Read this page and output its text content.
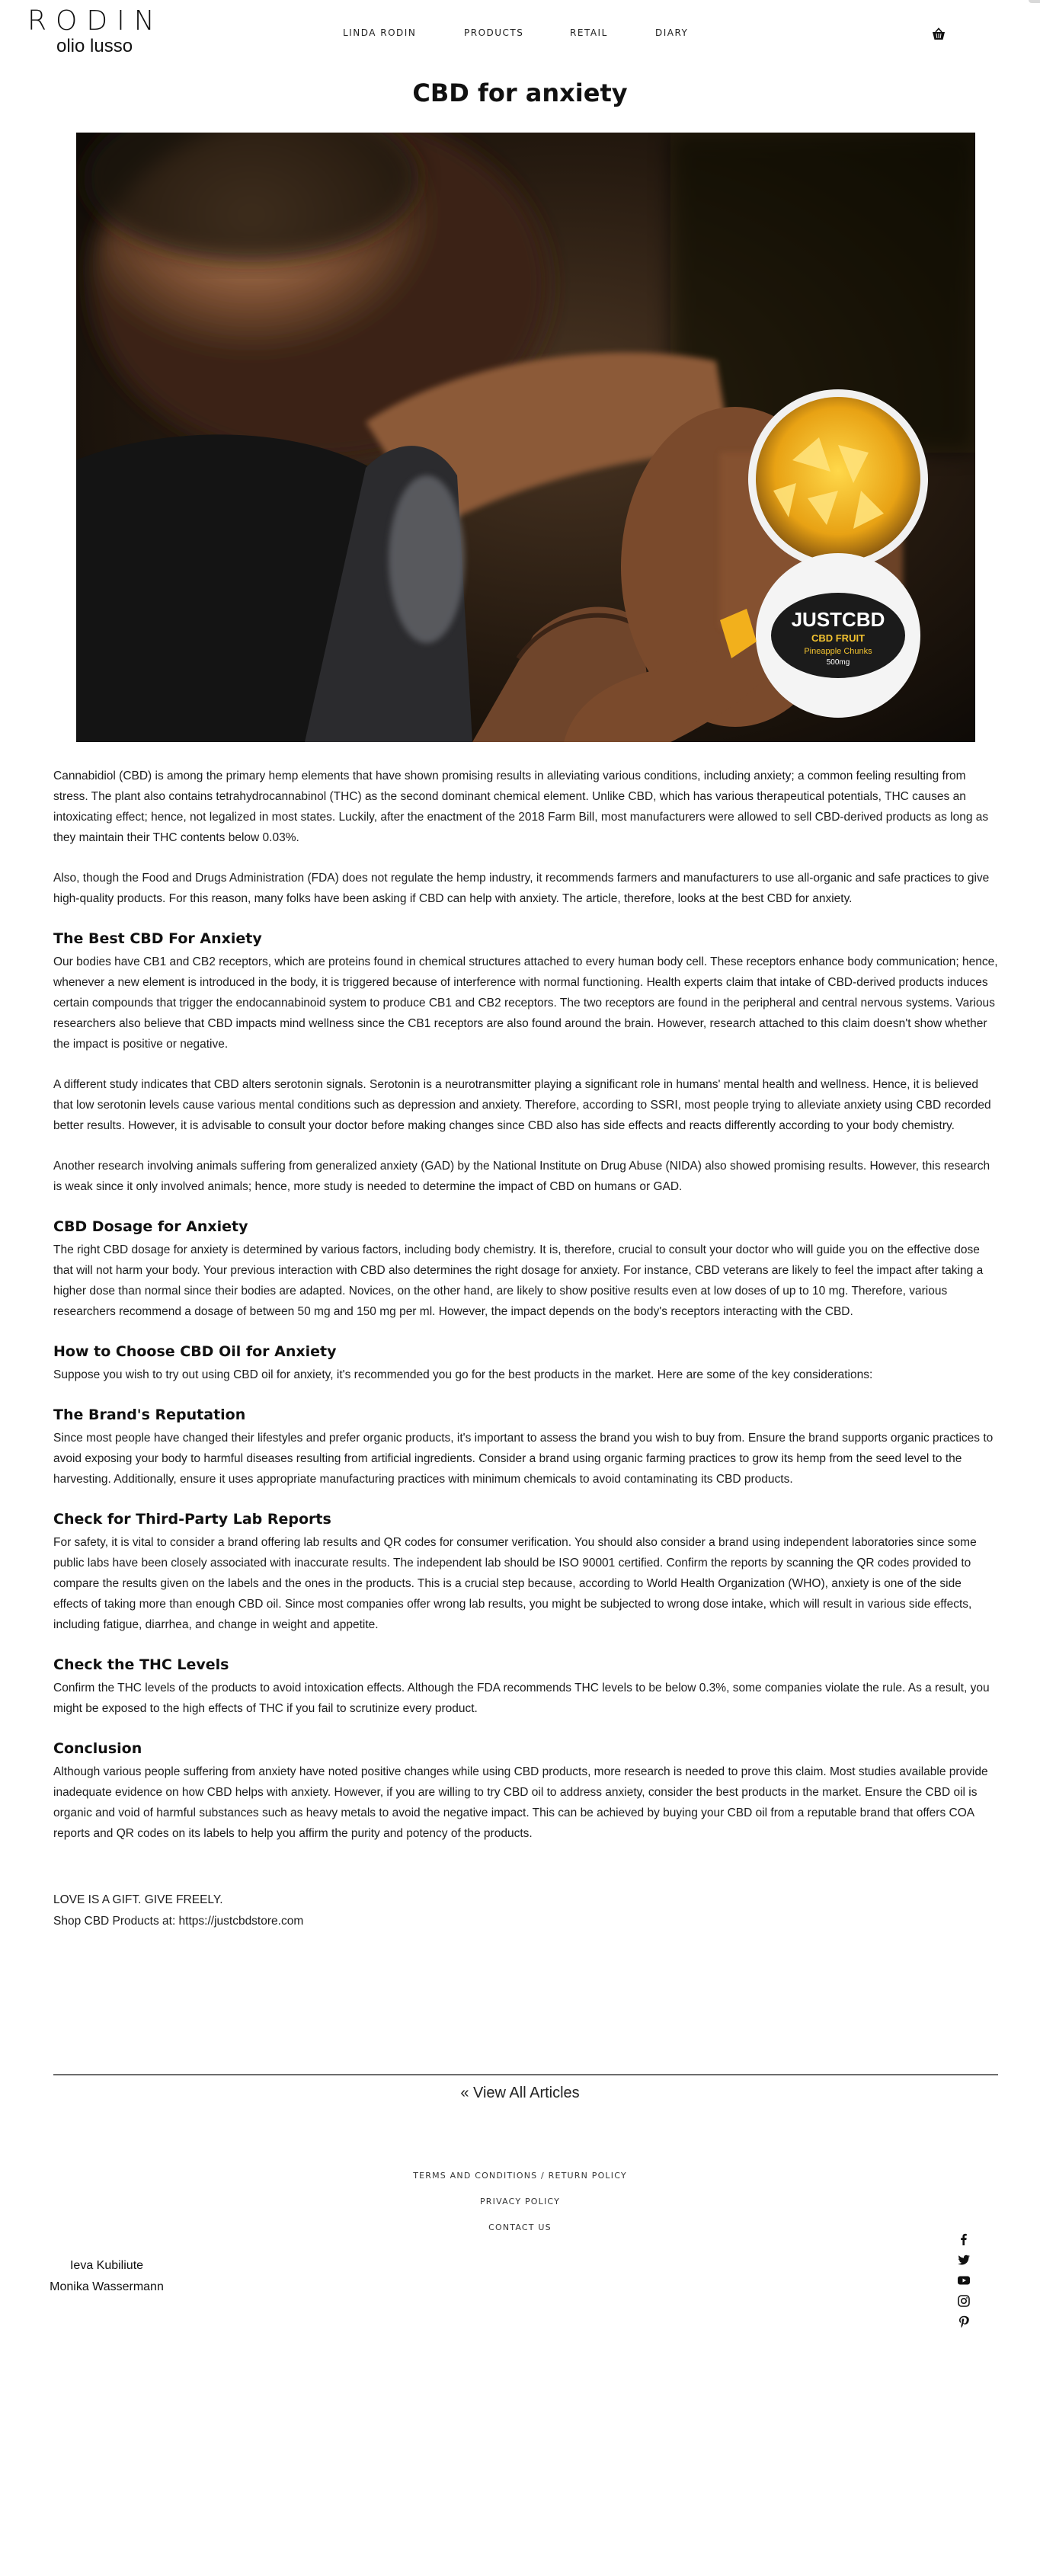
RODIN
olio lusso
LINDA RODIN	PRODUCTS	RETAIL	DIARY
CBD for anxiety
JUSTCBD
CBD FRUIT
Pineapple Chunks
500mg

Cannabidiol (CBD) is among the primary hemp elements that have shown promising results in alleviating various conditions, including anxiety; a common feeling resulting from stress. The plant also contains tetrahydrocannabinol (THC) as the second dominant chemical element. Unlike CBD, which has various therapeutical potentials, THC causes an intoxicating effect; hence, not legalized in most states. Luckily, after the enactment of the 2018 Farm Bill, most manufacturers were allowed to sell CBD-derived products as long as they maintain their THC contents below 0.03%.

Also, though the Food and Drugs Administration (FDA) does not regulate the hemp industry, it recommends farmers and manufacturers to use all-organic and safe practices to give high-quality products. For this reason, many folks have been asking if CBD can help with anxiety. The article, therefore, looks at the best CBD for anxiety.

The Best CBD For Anxiety

Our bodies have CB1 and CB2 receptors, which are proteins found in chemical structures attached to every human body cell. These receptors enhance body communication; hence, whenever a new element is introduced in the body, it is triggered because of interference with normal functioning. Health experts claim that intake of CBD-derived products induces certain compounds that trigger the endocannabinoid system to produce CB1 and CB2 receptors. The two receptors are found in the peripheral and central nervous systems. Various researchers also believe that CBD impacts mind wellness since the CB1 receptors are also found around the brain. However, research attached to this claim doesn't show whether the impact is positive or negative.

A different study indicates that CBD alters serotonin signals. Serotonin is a neurotransmitter playing a significant role in humans' mental health and wellness. Hence, it is believed that low serotonin levels cause various mental conditions such as depression and anxiety. Therefore, according to SSRI, most people trying to alleviate anxiety using CBD recorded better results. However, it is advisable to consult your doctor before making changes since CBD also has side effects and reacts differently according to your body chemistry.

Another research involving animals suffering from generalized anxiety (GAD) by the National Institute on Drug Abuse (NIDA) also showed promising results. However, this research is weak since it only involved animals; hence, more study is needed to determine the impact of CBD on humans or GAD.

CBD Dosage for Anxiety

The right CBD dosage for anxiety is determined by various factors, including body chemistry. It is, therefore, crucial to consult your doctor who will guide you on the effective dose that will not harm your body. Your previous interaction with CBD also determines the right dosage for anxiety. For instance, CBD veterans are likely to feel the impact after taking a higher dose than normal since their bodies are adapted. Novices, on the other hand, are likely to show positive results even at low doses of up to 10 mg. Therefore, various researchers recommend a dosage of between 50 mg and 150 mg per ml. However, the impact depends on the body's receptors interacting with the CBD.

How to Choose CBD Oil for Anxiety

Suppose you wish to try out using CBD oil for anxiety, it's recommended you go for the best products in the market. Here are some of the key considerations:

The Brand's Reputation

Since most people have changed their lifestyles and prefer organic products, it's important to assess the brand you wish to buy from. Ensure the brand supports organic practices to avoid exposing your body to harmful diseases resulting from artificial ingredients. Consider a brand using organic farming practices to grow its hemp from the seed level to the harvesting. Additionally, ensure it uses appropriate manufacturing practices with minimum chemicals to avoid contaminating its CBD products.

Check for Third-Party Lab Reports

For safety, it is vital to consider a brand offering lab results and QR codes for consumer verification. You should also consider a brand using independent laboratories since some public labs have been closely associated with inaccurate results. The independent lab should be ISO 90001 certified. Confirm the reports by scanning the QR codes provided to compare the results given on the labels and the ones in the products. This is a crucial step because, according to World Health Organization (WHO), anxiety is one of the side effects of taking more than enough CBD oil. Since most companies offer wrong lab results, you might be subjected to wrong dose intake, which will result in various side effects, including fatigue, diarrhea, and change in weight and appetite.

Check the THC Levels

Confirm the THC levels of the products to avoid intoxication effects. Although the FDA recommends THC levels to be below 0.3%, some companies violate the rule. As a result, you might be exposed to the high effects of THC if you fail to scrutinize every product.

Conclusion

Although various people suffering from anxiety have noted positive changes while using CBD products, more research is needed to prove this claim. Most studies available provide inadequate evidence on how CBD helps with anxiety. However, if you are willing to try CBD oil to address anxiety, consider the best products in the market. Ensure the CBD oil is organic and void of harmful substances such as heavy metals to avoid the negative impact. This can be achieved by buying your CBD oil from a reputable brand that offers COA reports and QR codes on its labels to help you affirm the purity and potency of the products.

LOVE IS A GIFT. GIVE FREELY.
Shop CBD Products at: https://justcbdstore.com
« View All Articles
TERMS AND CONDITIONS / RETURN POLICY
PRIVACY POLICY
CONTACT US
Ieva Kubiliute
Monika Wassermann
